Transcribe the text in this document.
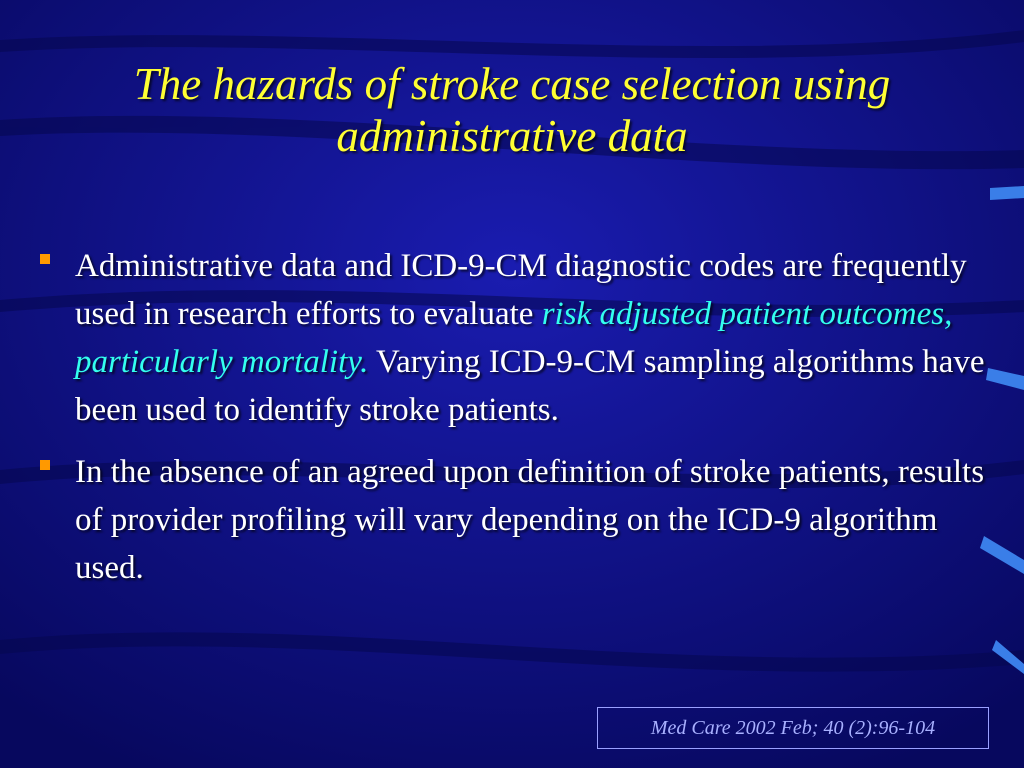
The hazards of stroke case selection using administrative data
Administrative data and ICD-9-CM diagnostic codes are frequently used in research efforts to evaluate risk adjusted patient outcomes, particularly mortality. Varying ICD-9-CM sampling algorithms have been used to identify stroke patients.
In the absence of an agreed upon definition of stroke patients, results of provider profiling will vary depending on the ICD-9 algorithm used.
Med Care 2002 Feb; 40 (2):96-104
